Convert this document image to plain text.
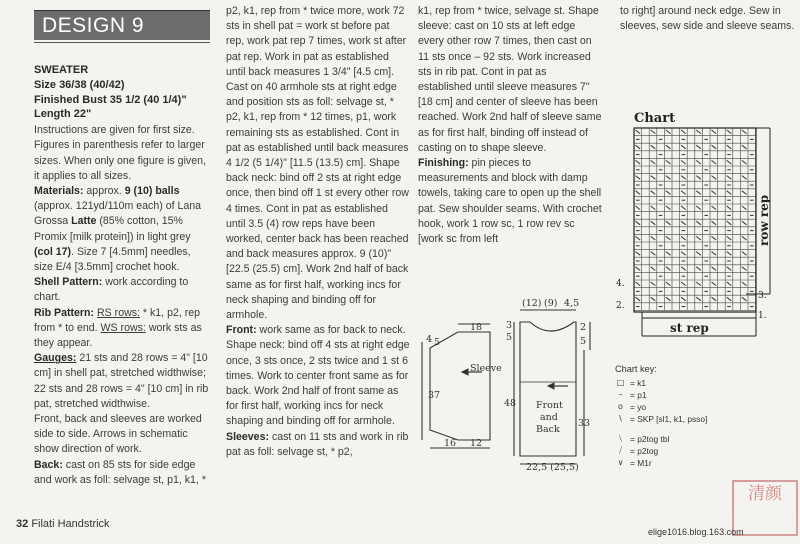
DESIGN 9
SWEATER
Size 36/38 (40/42)
Finished Bust 35 1/2 (40 1/4)"
Length 22"

Instructions are given for first size. Figures in parenthesis refer to larger sizes. When only one figure is given, it applies to all sizes.

Materials: approx. 9 (10) balls (approx. 121yd/110m each) of Lana Grossa Latte (85% cotton, 15% Promix [milk protein]) in light grey (col 17). Size 7 [4.5mm] needles, size E/4 [3.5mm] crochet hook.

Shell Pattern: work according to chart.

Rib Pattern: RS rows: * k1, p2, rep from * to end. WS rows: work sts as they appear.

Gauges: 21 sts and 28 rows = 4" [10 cm] in shell pat, stretched widthwise; 22 sts and 28 rows = 4" [10 cm] in rib pat, stretched widthwise.

Front, back and sleeves are worked side to side. Arrows in schematic show direction of work.

Back: cast on 85 sts for side edge and work as foll: selvage st, p1, k1, *

p2, k1, rep from * twice more, work 72 sts in shell pat = work st before pat rep, work pat rep 7 times, work st after pat rep. Work in pat as established until back measures 1 3/4" [4.5 cm]. Cast on 40 armhole sts at right edge and position sts as foll: selvage st, * p2, k1, rep from * 12 times, p1, work remaining sts as established. Cont in pat as established until back measures 4 1/2 (5 1/4)" [11.5 (13.5) cm]. Shape back neck: bind off 2 sts at right edge once, then bind off 1 st every other row 4 times. Cont in pat as established until 3.5 (4) row reps have been worked, center back has been reached and back measures approx. 9 (10)" [22.5 (25.5) cm]. Work 2nd half of back same as for first half, working incs for neck shaping and binding off for armhole.

Front: work same as for back to neck. Shape neck: bind off 4 sts at right edge once, 3 sts once, 2 sts twice and 1 st 6 times. Work to center front same as for back. Work 2nd half of front same as for first half, working incs for neck shaping and binding off for armhole.

Sleeves: cast on 11 sts and work in rib pat as foll: selvage st, * p2,

k1, rep from * twice, selvage st. Shape sleeve: cast on 10 sts at left edge every other row 7 times, then cast on 11 sts once – 92 sts. Work increased sts in rib pat. Cont in pat as established until sleeve measures 7" [18 cm] and center of sleeve has been reached. Work 2nd half of sleeve same as for first half, binding off instead of casting on to shape sleeve.

Finishing: pin pieces to measurements and block with damp towels, taking care to open up the shell pat. Sew shoulder seams. With crochet hook, work 1 row sc, 1 row rev sc [work sc from left

to right] around neck edge. Sew in sleeves, sew side and sleeve seams.

Sleeve
Front
and
Back
18
4 5
37
16 12
(12) (9) 4,5
3
5
48
33
22,5 (25,5)
2
5
Chart
st rep
row rep
4.
2.
3.
1.
Chart key:
□ = k1
– = p1
o = yo
\ = SKP [sl1, k1, psso]
⧹ = p2tog tbl
⧸ = p2tog
∨ = M1r
32 Filati Handstrick
清颜
elige1016.blog.163.com
